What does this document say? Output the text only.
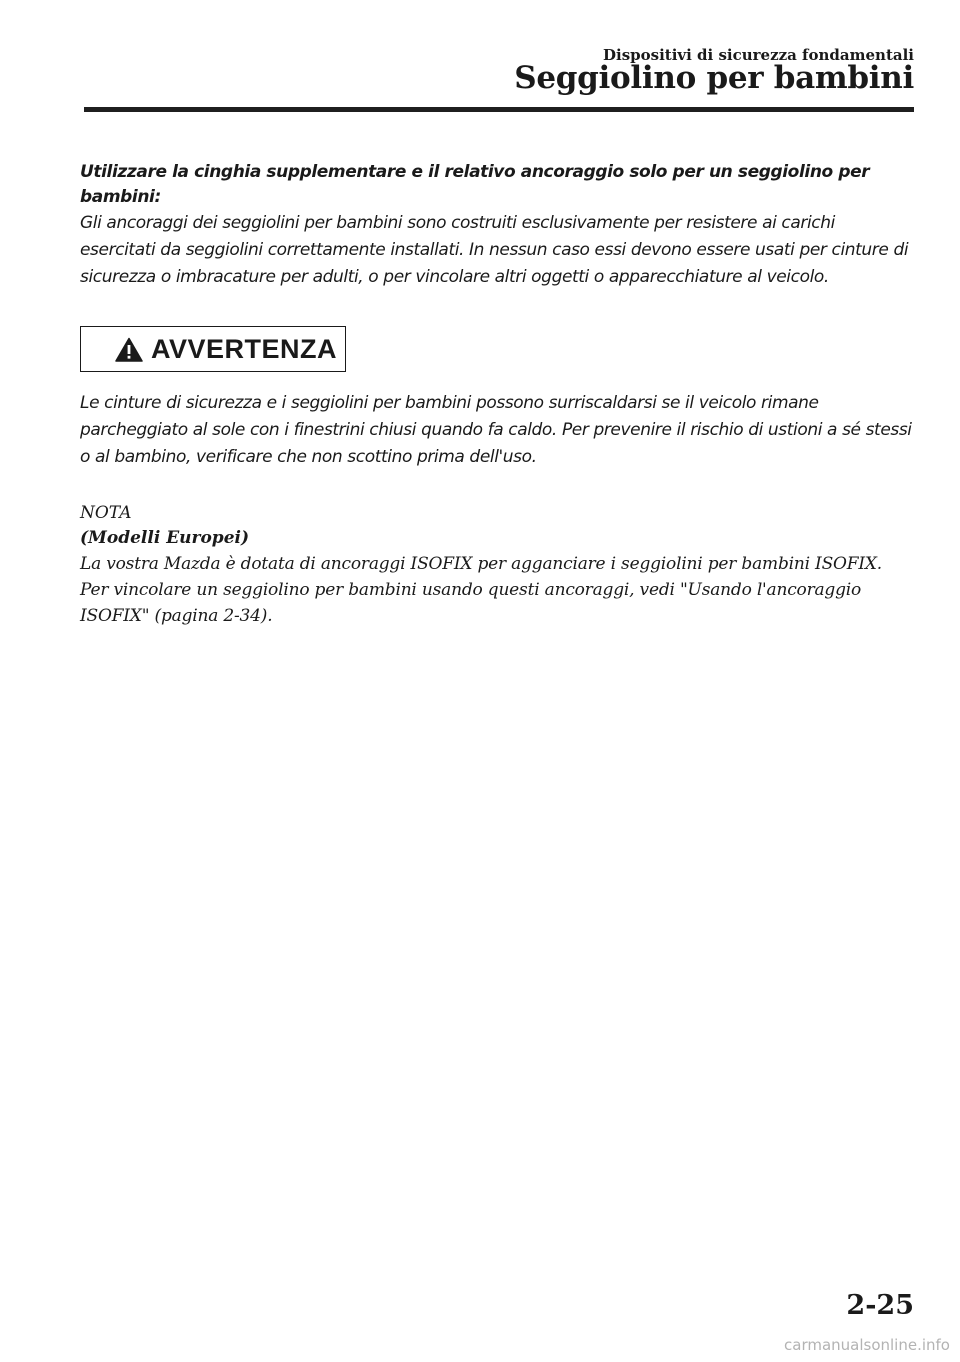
Dispositivi di sicurezza fondamentali
Seggiolino per bambini

Utilizzare la cinghia supplementare e il relativo ancoraggio solo per un seggiolino per bambini:

Gli ancoraggi dei seggiolini per bambini sono costruiti esclusivamente per resistere ai carichi esercitati da seggiolini correttamente installati. In nessun caso essi devono essere usati per cinture di sicurezza o imbracature per adulti, o per vincolare altri oggetti o apparecchiature al veicolo.

AVVERTENZA

Le cinture di sicurezza e i seggiolini per bambini possono surriscaldarsi se il veicolo rimane parcheggiato al sole con i finestrini chiusi quando fa caldo. Per prevenire il rischio di ustioni a sé stessi o al bambino, verificare che non scottino prima dell'uso.

NOTA

(Modelli Europei)

La vostra Mazda è dotata di ancoraggi ISOFIX per agganciare i seggiolini per bambini ISOFIX. Per vincolare un seggiolino per bambini usando questi ancoraggi, vedi "Usando l'ancoraggio ISOFIX" (pagina 2-34).

2-25
carmanualsonline.info
